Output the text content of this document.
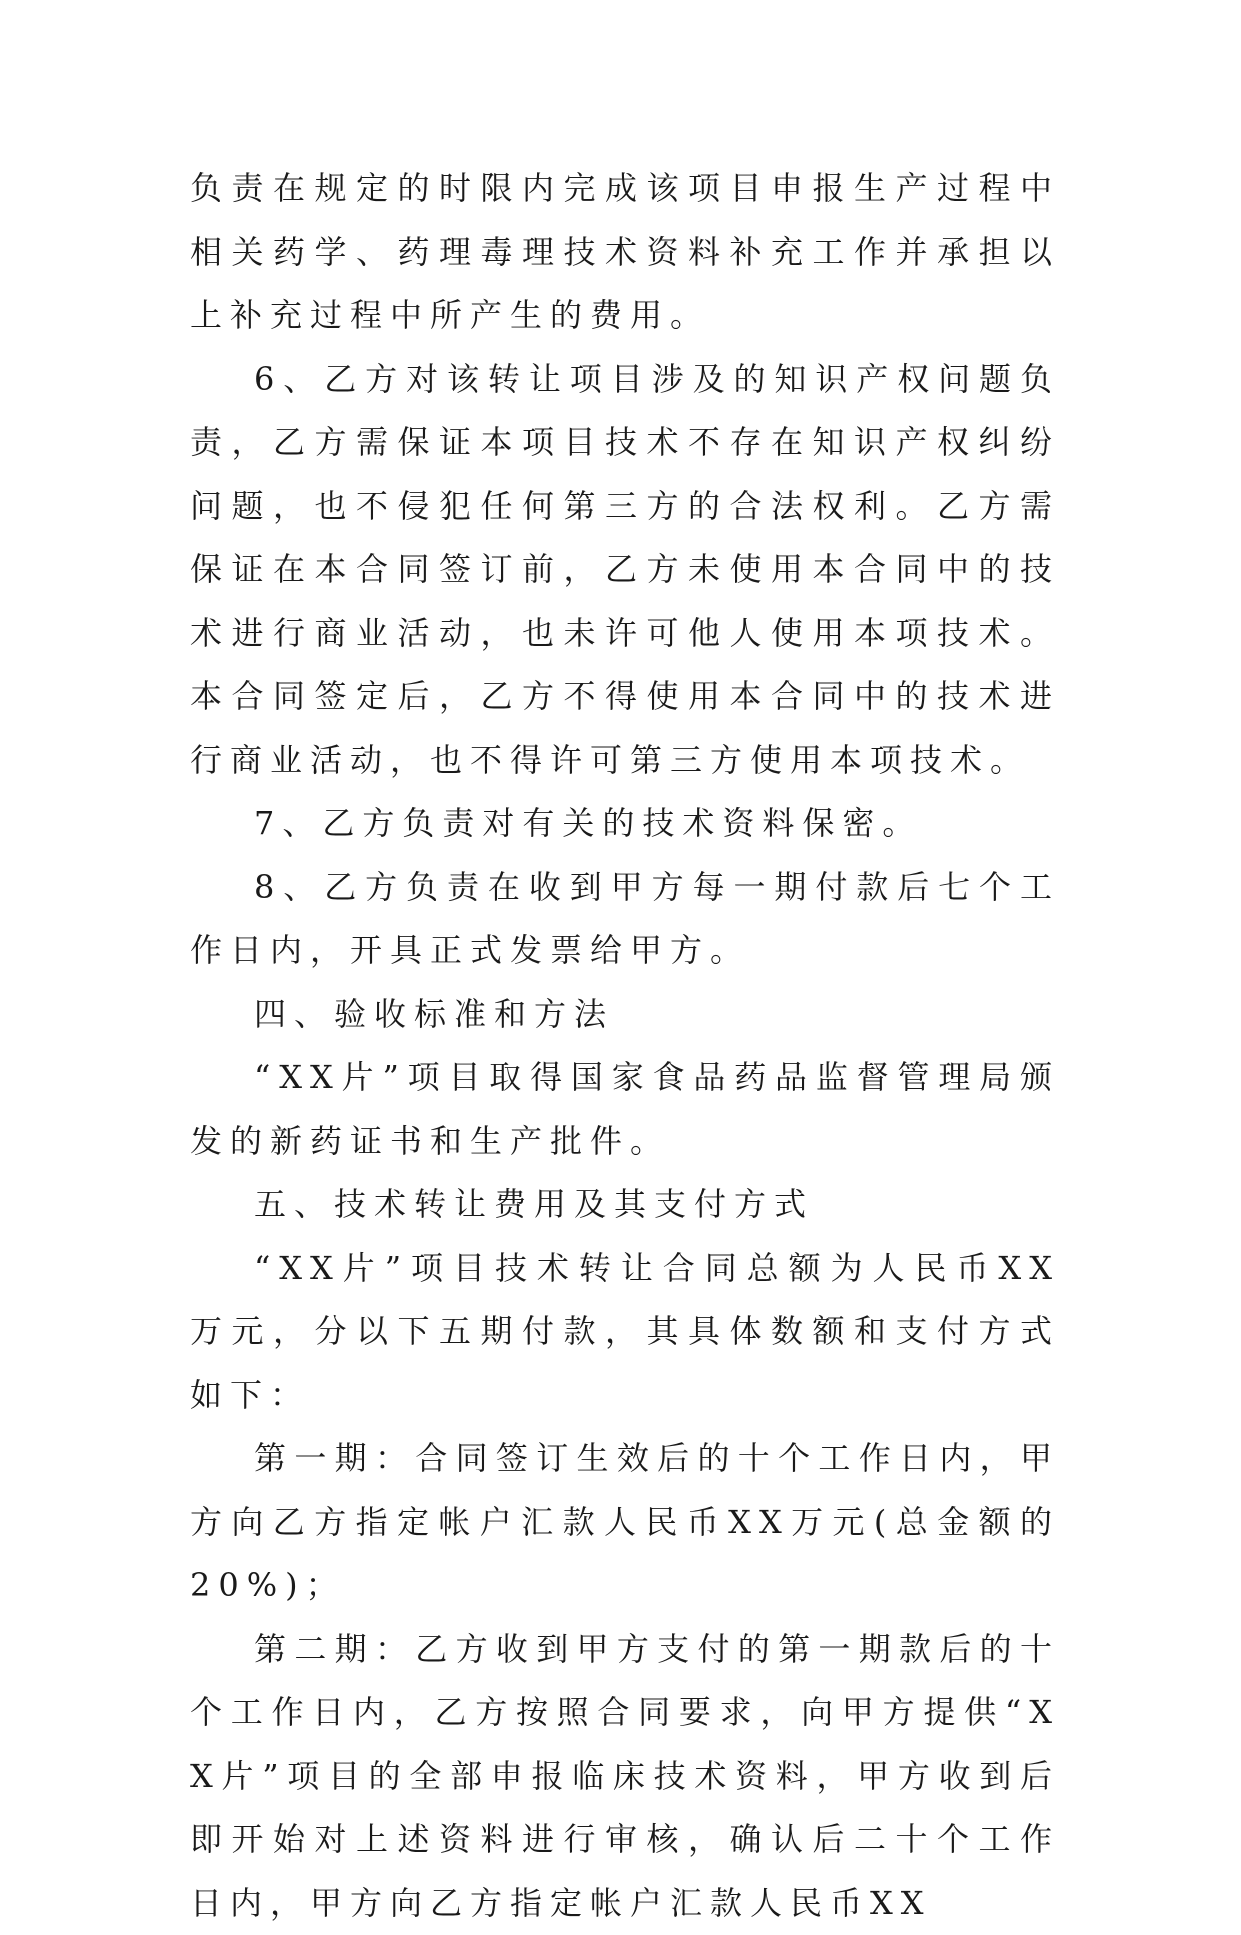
负责在规定的时限内完成该项目申报生产过程中相关药学、药理毒理技术资料补充工作并承担以上补充过程中所产生的费用。

6、乙方对该转让项目涉及的知识产权问题负责，乙方需保证本项目技术不存在知识产权纠纷问题，也不侵犯任何第三方的合法权利。乙方需保证在本合同签订前，乙方未使用本合同中的技术进行商业活动，也未许可他人使用本项技术。本合同签定后，乙方不得使用本合同中的技术进行商业活动，也不得许可第三方使用本项技术。

7、乙方负责对有关的技术资料保密。

8、乙方负责在收到甲方每一期付款后七个工作日内，开具正式发票给甲方。

四、验收标准和方法

“XX片”项目取得国家食品药品监督管理局颁发的新药证书和生产批件。

五、技术转让费用及其支付方式

“XX片”项目技术转让合同总额为人民币XX万元，分以下五期付款，其具体数额和支付方式如下：

第一期：合同签订生效后的十个工作日内，甲方向乙方指定帐户汇款人民币XX万元(总金额的20%)；

第二期：乙方收到甲方支付的第一期款后的十个工作日内，乙方按照合同要求，向甲方提供“XX片”项目的全部申报临床技术资料，甲方收到后即开始对上述资料进行审核，确认后二十个工作日内，甲方向乙方指定帐户汇款人民币XX
